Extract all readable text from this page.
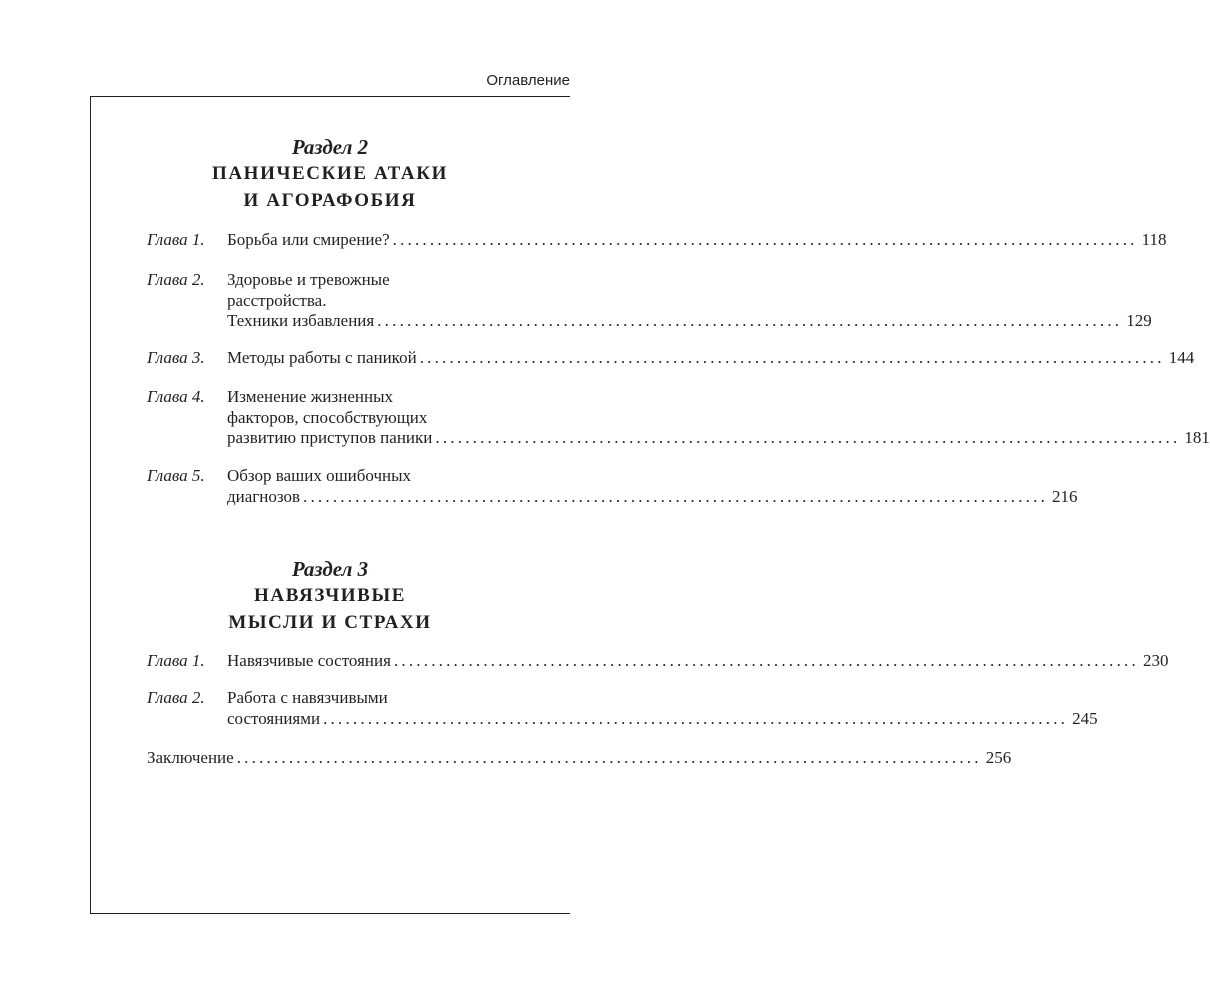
Оглавление
Раздел 2
ПАНИЧЕСКИЕ АТАКИ
И АГОРАФОБИЯ
Глава 1. Борьба или смирение? .................................................................................................... 118
Глава 2. Здоровье и тревожные
расстройства.
Техники избавления .................................................................................................... 129
Глава 3. Методы работы с паникой .................................................................................................... 144
Глава 4. Изменение жизненных
факторов, способствующих
развитию приступов паники .................................................................................................... 181
Глава 5. Обзор ваших ошибочных
диагнозов .................................................................................................... 216
Раздел 3
НАВЯЗЧИВЫЕ
МЫСЛИ И СТРАХИ
Глава 1. Навязчивые состояния .................................................................................................... 230
Глава 2. Работа с навязчивыми
состояниями .................................................................................................... 245
Заключение .................................................................................................... 256
